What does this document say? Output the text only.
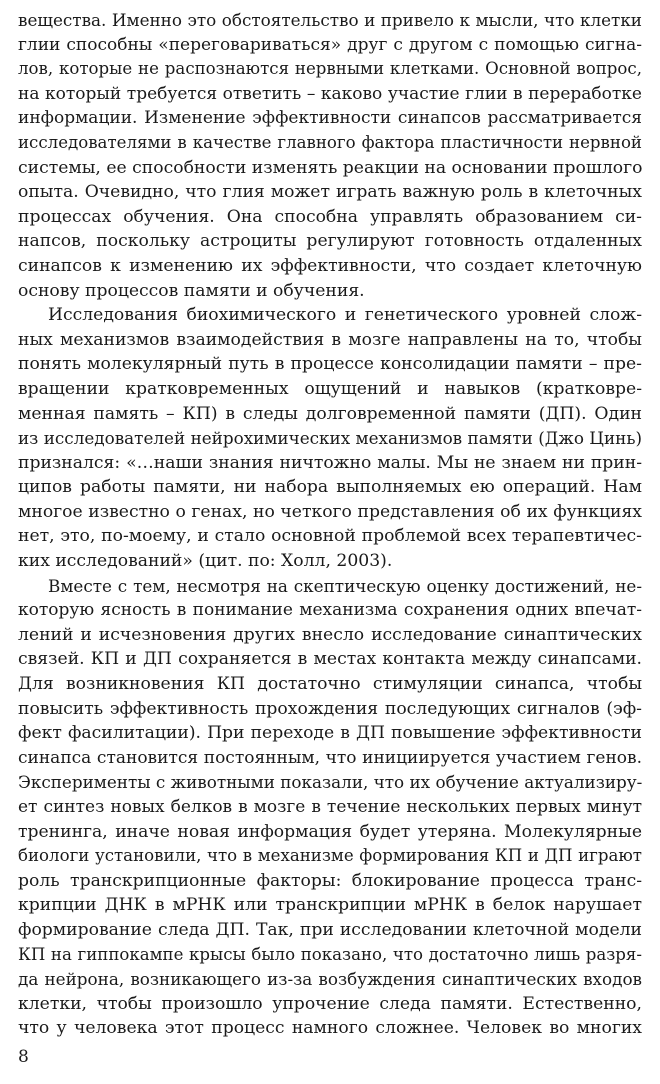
вещества. Именно это обстоятельство и привело к мысли, что клетки
глии способны «переговариваться» друг с другом с помощью сигна-
лов, которые не распознаются нервными клетками. Основной вопрос,
на который требуется ответить – каково участие глии в переработке
информации. Изменение эффективности синапсов рассматривается
исследователями в качестве главного фактора пластичности нервной
системы, ее способности изменять реакции на основании прошлого
опыта. Очевидно, что глия может играть важную роль в клеточных
процессах обучения. Она способна управлять образованием си-
напсов, поскольку астроциты регулируют готовность отдаленных
синапсов к изменению их эффективности, что создает клеточную
основу процессов памяти и обучения.
Исследования биохимического и генетического уровней слож-
ных механизмов взаимодействия в мозге направлены на то, чтобы
понять молекулярный путь в процессе консолидации памяти – пре-
вращении кратковременных ощущений и навыков (кратковре-
менная память – КП) в следы долговременной памяти (ДП). Один
из исследователей нейрохимических механизмов памяти (Джо Цинь)
признался: «…наши знания ничтожно малы. Мы не знаем ни прин-
ципов работы памяти, ни набора выполняемых ею операций. Нам
многое известно о генах, но четкого представления об их функциях
нет, это, по-моему, и стало основной проблемой всех терапевтичес-
ких исследований» (цит. по: Холл, 2003).
Вместе с тем, несмотря на скептическую оценку достижений, не-
которую ясность в понимание механизма сохранения одних впечат-
лений и исчезновения других внесло исследование синаптических
связей. КП и ДП сохраняется в местах контакта между синапсами.
Для возникновения КП достаточно стимуляции синапса, чтобы
повысить эффективность прохождения последующих сигналов (эф-
фект фасилитации). При переходе в ДП повышение эффективности
синапса становится постоянным, что инициируется участием генов.
Эксперименты с животными показали, что их обучение актуализиру-
ет синтез новых белков в мозге в течение нескольких первых минут
тренинга, иначе новая информация будет утеряна. Молекулярные
биологи установили, что в механизме формирования КП и ДП играют
роль транскрипционные факторы: блокирование процесса транс-
крипции ДНК в мРНК или транскрипции мРНК в белок нарушает
формирование следа ДП. Так, при исследовании клеточной модели
КП на гиппокампе крысы было показано, что достаточно лишь разря-
да нейрона, возникающего из-за возбуждения синаптических входов
клетки, чтобы произошло упрочение следа памяти. Естественно,
что у человека этот процесс намного сложнее. Человек во многих
8
